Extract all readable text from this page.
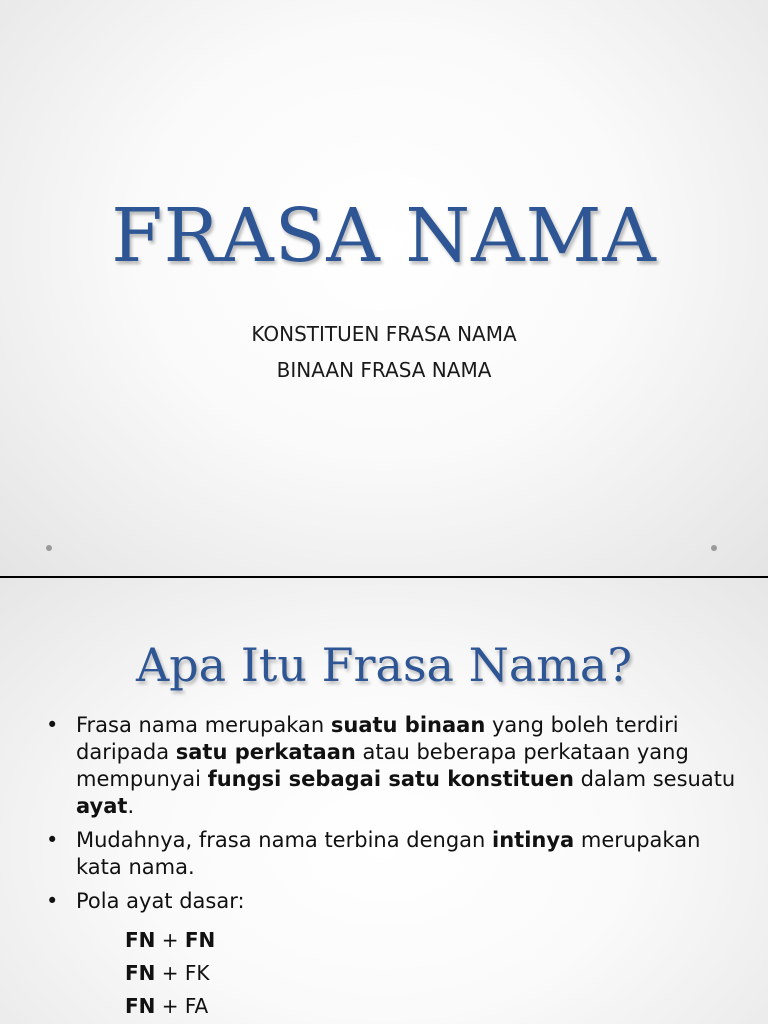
FRASA NAMA
KONSTITUEN FRASA NAMA
BINAAN FRASA NAMA
Apa Itu Frasa Nama?
• Frasa nama merupakan suatu binaan yang boleh terdiri daripada satu perkataan atau beberapa perkataan yang mempunyai fungsi sebagai satu konstituen dalam sesuatu ayat.
• Mudahnya, frasa nama terbina dengan intinya merupakan kata nama.
• Pola ayat dasar:
FN + FN
FN + FK
FN + FA
